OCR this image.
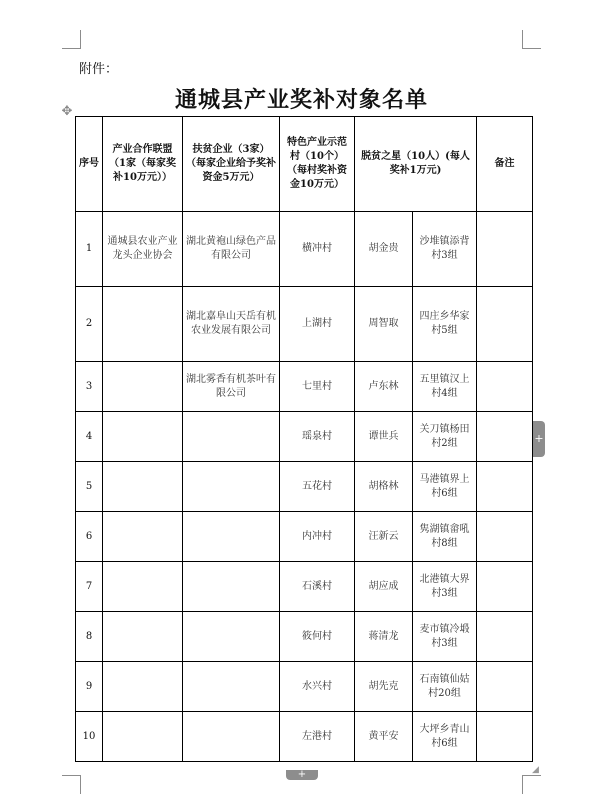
附件：
✥	通城县产业奖补对象名单
序号	产业合作联盟（1家（每家奖补10万元））	扶贫企业（3家）（每家企业给予奖补资金5万元）	特色产业示范村（10个）（每村奖补资金10万元）	脱贫之星（10人）(每人奖补1万元)		备注
1	通城县农业产业龙头企业协会	湖北黄袍山绿色产品有限公司	横冲村	胡金贵	沙堆镇添背村3组	
2		湖北嘉阜山天岳有机农业发展有限公司	上湖村	周智取	四庄乡华家村5组	
3		湖北雾香有机茶叶有限公司	七里村	卢东林	五里镇汉上村4组	
4			瑶泉村	谭世兵	关刀镇杨田村2组	
5			五花村	胡格林	马港镇界上村6组	
6			内冲村	汪新云	隽湖镇畲吼村8组	
7			石溪村	胡应成	北港镇大界村3组	
8			筱何村	蒋清龙	麦市镇冷塅村3组	
9			水兴村	胡先克	石南镇仙姑村20组	
10			左港村	黄平安	大坪乡青山村6组	
+
+	◢
